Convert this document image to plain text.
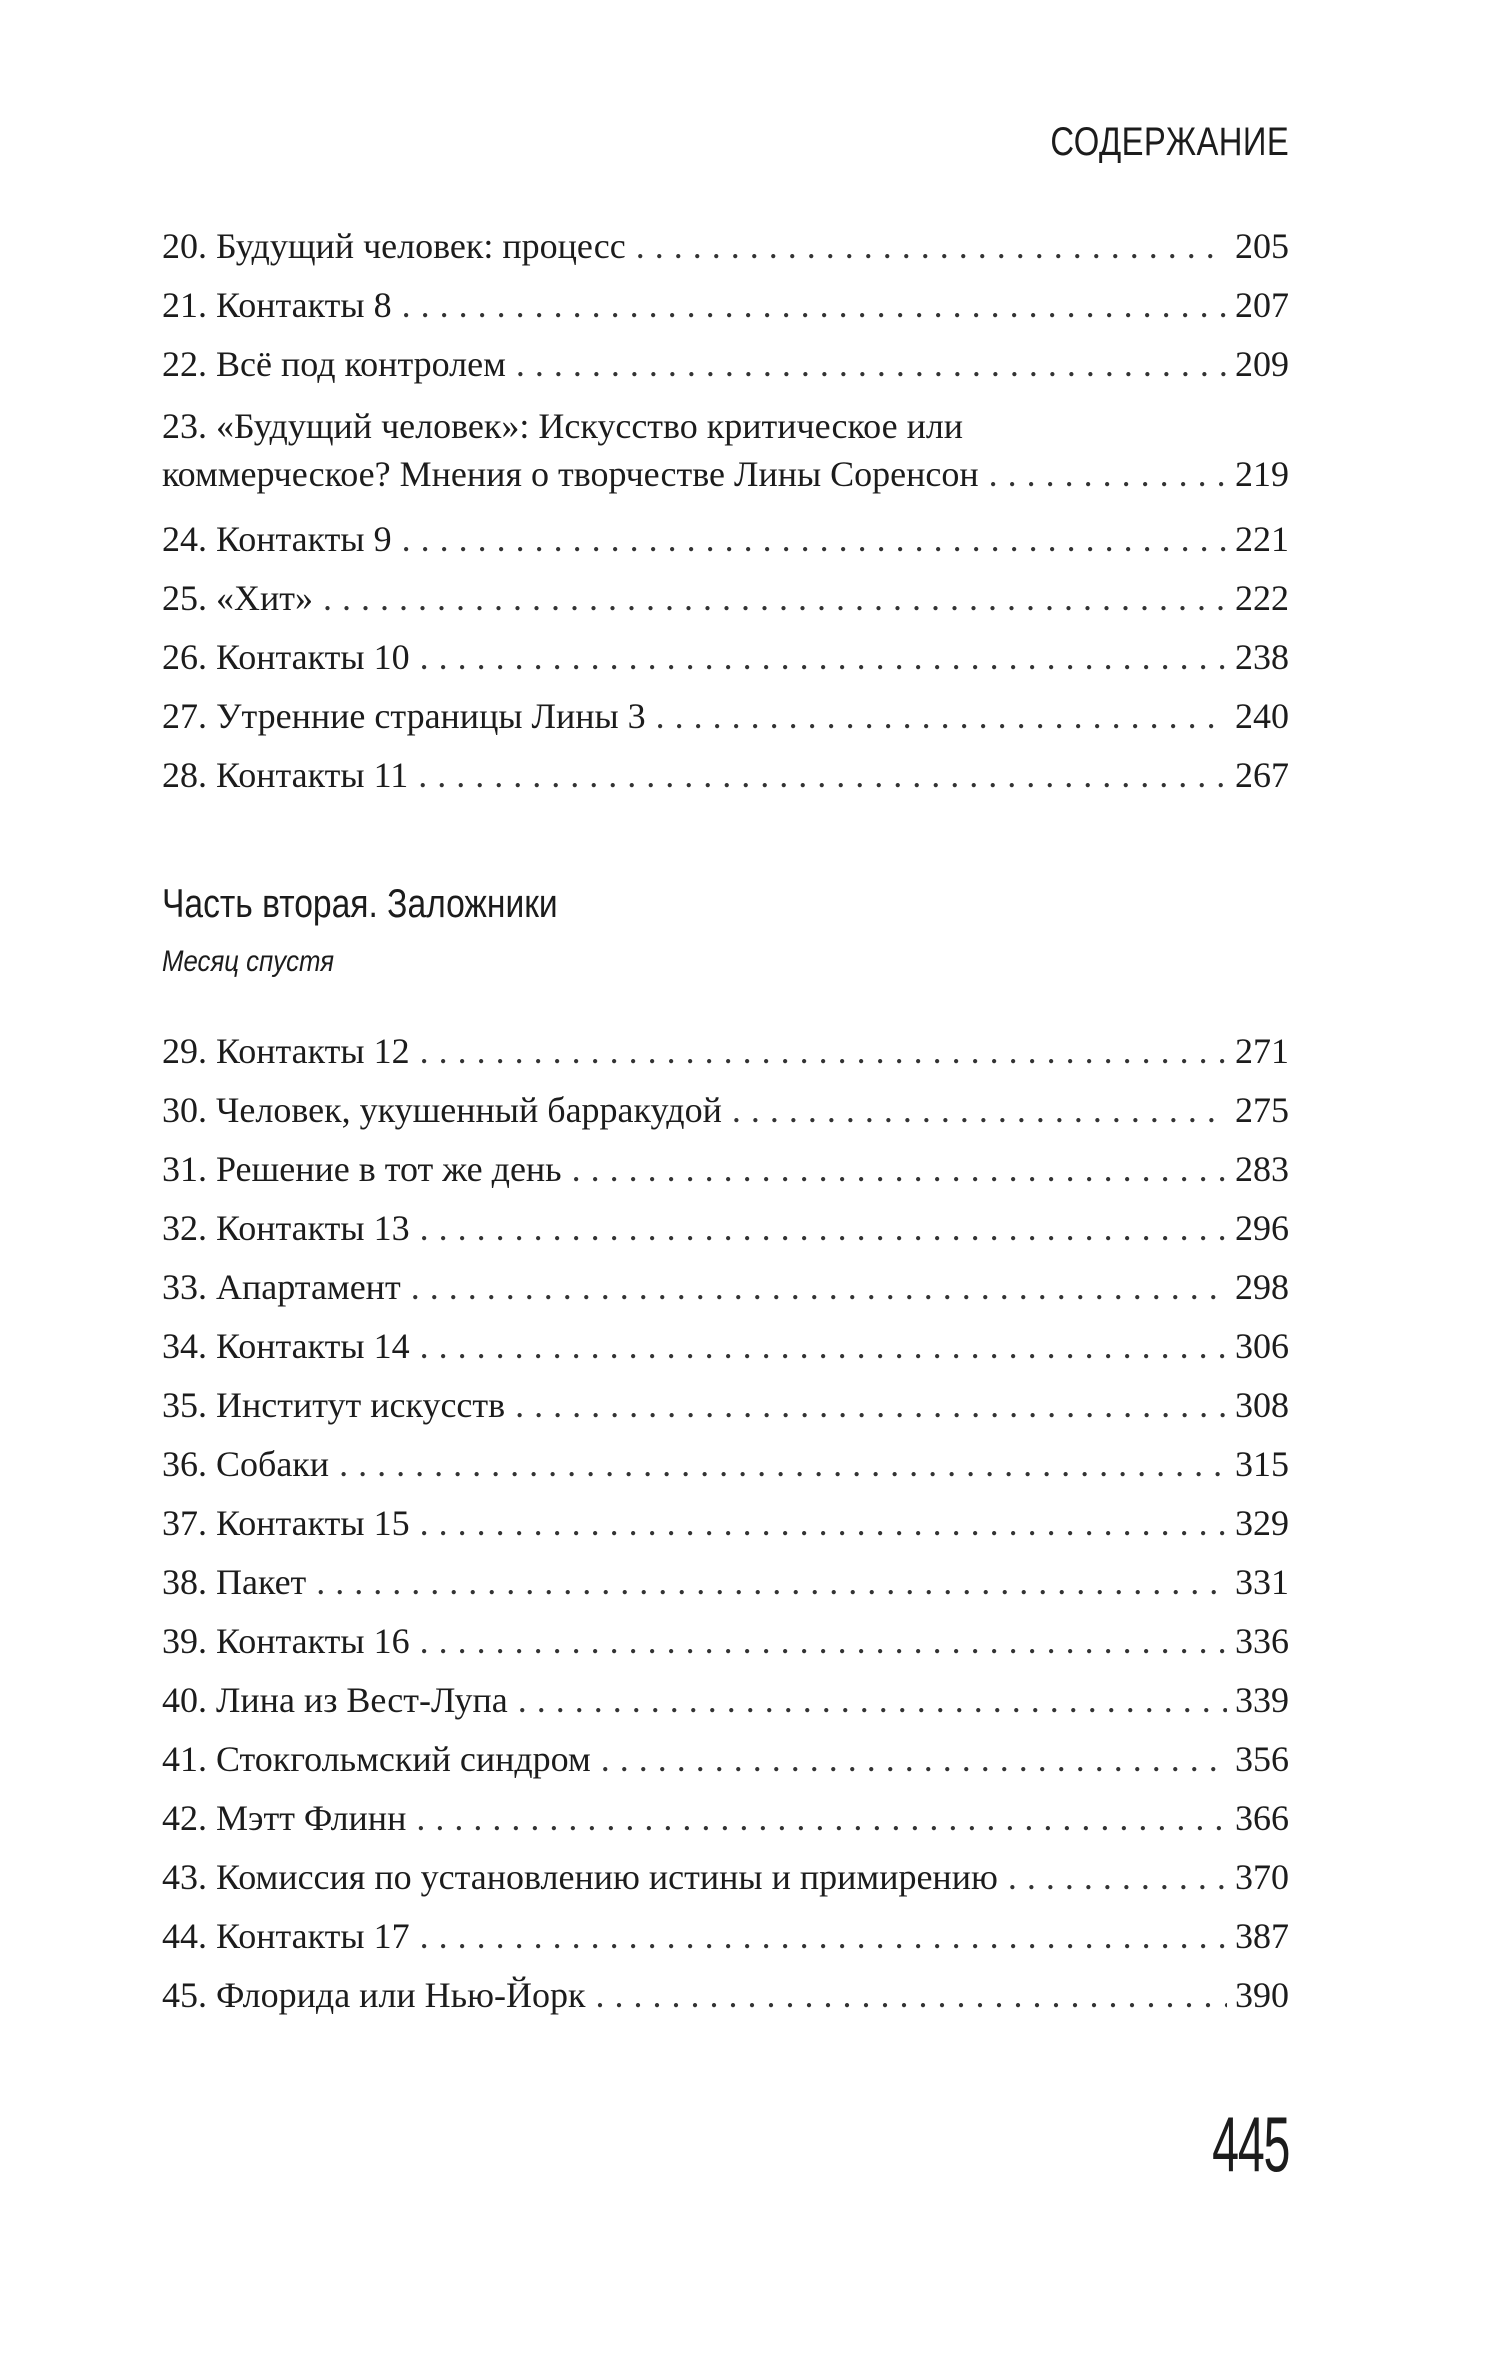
СОДЕРЖАНИЕ
20. Будущий человек: процесс . . .	205
21. Контакты 8 . . .	207
22. Всё под контролем . . .	209
23. «Будущий человек»: Искусство критическое или
коммерческое? Мнения о творчестве Лины Соренсон . . .	219
24. Контакты 9 . . .	221
25. «Хит» . . .	222
26. Контакты 10 . . .	238
27. Утренние страницы Лины 3 . . .	240
28. Контакты 11 . . .	267
Часть вторая. Заложники
Месяц спустя
29. Контакты 12 . . .	271
30. Человек, укушенный барракудой . . .	275
31. Решение в тот же день . . .	283
32. Контакты 13 . . .	296
33. Апартамент . . .	298
34. Контакты 14 . . .	306
35. Институт искусств . . .	308
36. Собаки . . .	315
37. Контакты 15 . . .	329
38. Пакет . . .	331
39. Контакты 16 . . .	336
40. Лина из Вест-Лупа . . .	339
41. Стокгольмский синдром . . .	356
42. Мэтт Флинн . . .	366
43. Комиссия по установлению истины и примирению . . .	370
44. Контакты 17 . . .	387
45. Флорида или Нью-Йорк . . .	390
445
